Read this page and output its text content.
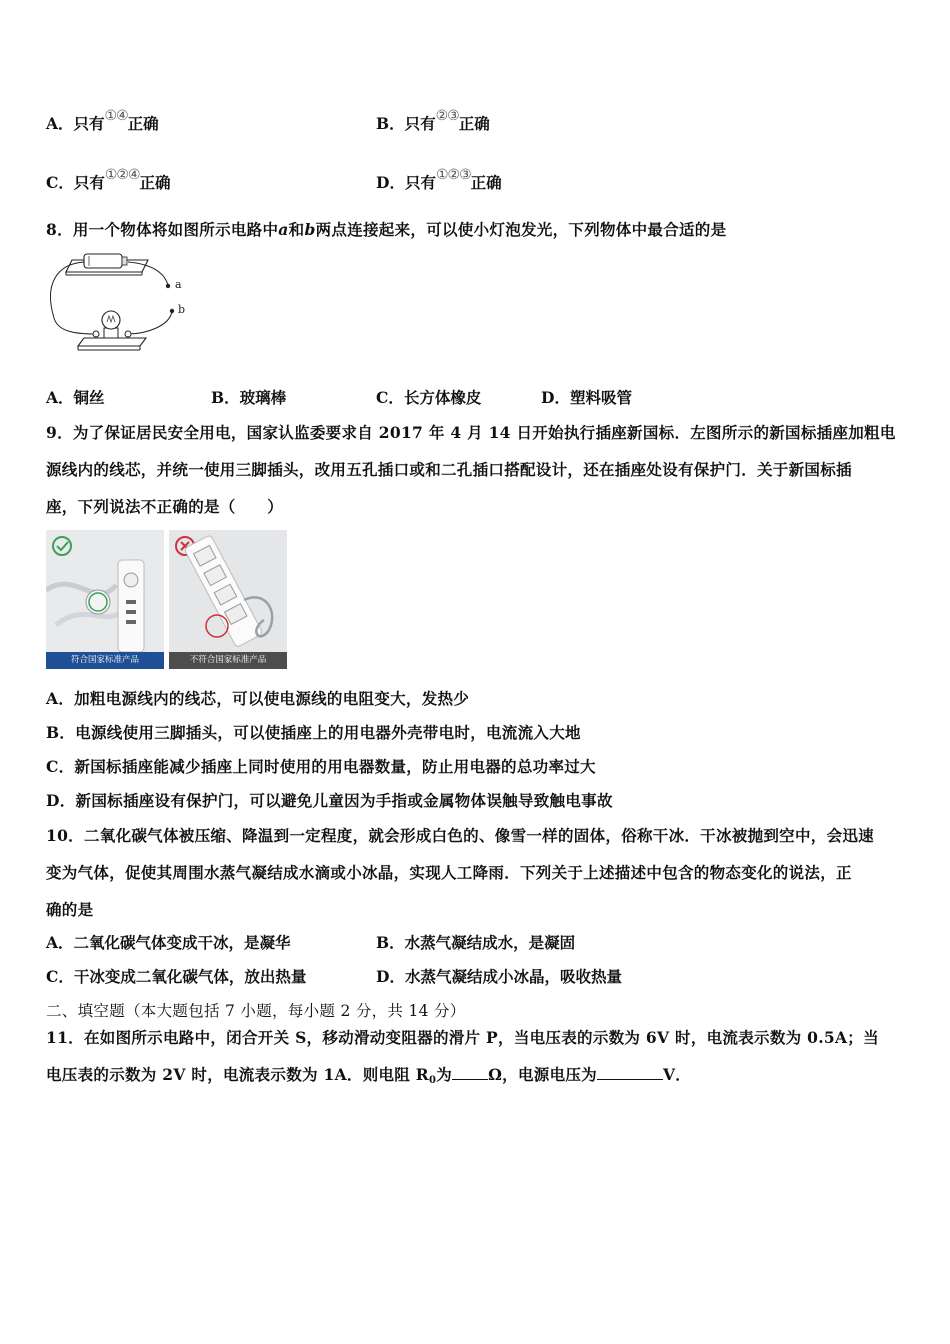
A．只有①④正确	B．只有②③正确
C．只有①②④正确	D．只有①②③正确
8．用一个物体将如图所示电路中a和b两点连接起来，可以使小灯泡发光，下列物体中最合适的是
a
b
A．铜丝	B．玻璃棒	C．长方体橡皮	D．塑料吸管
9．为了保证居民安全用电，国家认监委要求自 2017 年 4 月 14 日开始执行插座新国标．左图所示的新国标插座加粗电
源线内的线芯，并统一使用三脚插头，改用五孔插口或和二孔插口搭配设计，还在插座处设有保护门．关于新国标插
座，下列说法不正确的是（　　）
符合国家标准产品	不符合国家标准产品
A．加粗电源线内的线芯，可以使电源线的电阻变大，发热少
B．电源线使用三脚插头，可以使插座上的用电器外壳带电时，电流流入大地
C．新国标插座能减少插座上同时使用的用电器数量，防止用电器的总功率过大
D．新国标插座设有保护门，可以避免儿童因为手指或金属物体误触导致触电事故
10．二氧化碳气体被压缩、降温到一定程度，就会形成白色的、像雪一样的固体，俗称干冰．干冰被抛到空中，会迅速
变为气体，促使其周围水蒸气凝结成水滴或小冰晶，实现人工降雨．下列关于上述描述中包含的物态变化的说法，正
确的是
A．二氧化碳气体变成干冰，是凝华	B．水蒸气凝结成水，是凝固
C．干冰变成二氧化碳气体，放出热量	D．水蒸气凝结成小冰晶，吸收热量
二、填空题（本大题包括 7 小题，每小题 2 分，共 14 分）
11．在如图所示电路中，闭合开关 S，移动滑动变阻器的滑片 P，当电压表的示数为 6V 时，电流表示数为 0.5A；当
电压表的示数为 2V 时，电流表示数为 1A．则电阻 R0为 Ω，电源电压为	V．
